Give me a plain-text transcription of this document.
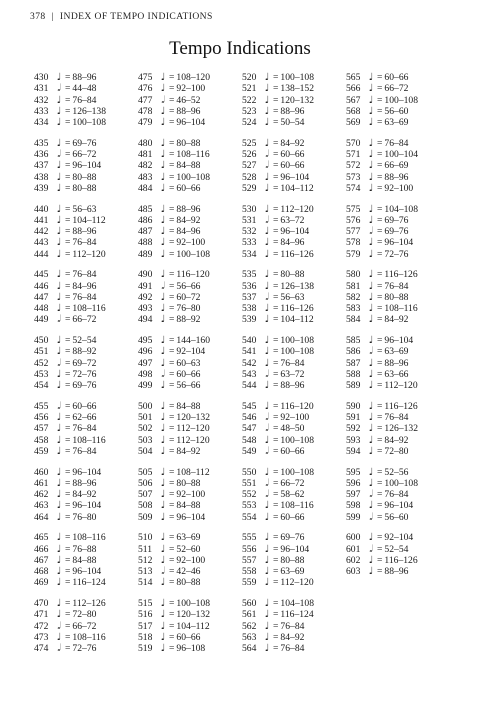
378 | INDEX OF TEMPO INDICATIONS
Tempo Indications
430 ♩ = 88–96
431 𝅗𝅥 = 44–48
432 ♩ = 76–84
433 ♩ = 126–138
434 ♩ = 100–108
435 ♩ = 69–76
436 𝅗𝅥 = 66–72
437 ♩ = 96–104
438 ♩ = 80–88
439 ♩ = 80–88
440 ♩ = 56–63
441 ♩ = 104–112
442 ♩ = 88–96
443 ♩ = 76–84
444 ♩ = 112–120
445 ♩ = 76–84
446 ♩ = 84–96
447 ♩ = 76–84
448 ♩ = 108–116
449 𝅗𝅥 = 66–72
450 ♩ = 52–54
451 ♩ = 88–92
452 𝅗𝅥 = 69–72
453 ♩ = 72–76
454 ♩ = 69–76
455 𝅗𝅥 = 60–66
456 ♩ = 62–66
457 ♩ = 76–84
458 ♩ = 108–116
459 ♩ = 76–84
460 ♩ = 96–104
461 ♩ = 88–96
462 ♩ = 84–92
463 ♩ = 96–104
464 ♩ = 76–80
465 ♩ = 108–116
466 ♩ = 76–88
467 ♩ = 84–88
468 ♩ = 96–104
469 ♩ = 116–124
470 ♩ = 112–126
471 ♩ = 72–80
472 𝅗𝅥 = 66–72
473 ♩ = 108–116
474 𝅗𝅥 = 72–76
475 ♩ = 108–120
476 ♩ = 92–100
477 𝅗𝅥 = 46–52
478 ♩ = 88–96
479 ♩ = 96–104
480 ♩ = 80–88
481 ♩ = 108–116
482 ♩ = 84–88
483 ♩ = 100–108
484 ♩ = 60–66
485 ♩ = 88–96
486 ♩ = 84–92
487 ♩ = 84–96
488 ♩ = 92–100
489 ♩ = 100–108
490 ♩ = 116–120
491 𝅗𝅥 = 56–66
492 ♩ = 60–72
493 ♩ = 76–80
494 ♩ = 88–92
495 ♩ = 144–160
496 ♩ = 92–104
497 ♩ = 60–63
498 𝅗𝅥 = 60–66
499 ♩ = 56–66
500 ♩ = 84–88
501 ♩ = 120–132
502 ♩ = 112–120
503 ♩ = 112–120
504 ♩ = 84–92
505 ♩ = 108–112
506 ♩ = 80–88
507 ♩ = 92–100
508 ♩ = 84–88
509 ♩ = 96–104
510 ♩ = 63–69
511 ♩ = 52–60
512 ♩ = 92–100
513 𝅗𝅥 = 42–46
514 ♩ = 80–88
515 ♩ = 100–108
516 ♩ = 120–132
517 ♩ = 104–112
518 ♩ = 60–66
519 ♩ = 96–108
520 ♩ = 100–108
521 ♩ = 138–152
522 ♩ = 120–132
523 ♩ = 88–96
524 ♩ = 50–54
525 ♩ = 84–92
526 𝅗𝅥 = 60–66
527 𝅗𝅥 = 60–66
528 ♩ = 96–104
529 ♩ = 104–112
530 ♩ = 112–120
531 𝅗𝅥 = 63–72
532 ♩ = 96–104
533 ♩ = 84–96
534 ♩ = 116–126
535 ♩ = 80–88
536 ♩ = 126–138
537 𝅗𝅥 = 56–63
538 ♩ = 116–126
539 ♩ = 104–112
540 ♩ = 100–108
541 ♩ = 100–108
542 ♩ = 76–84
543 𝅗𝅥 = 63–72
544 ♩ = 88–96
545 ♩ = 116–120
546 𝅗𝅥 = 92–100
547 𝅗𝅥 = 48–50
548 ♩ = 100–108
549 𝅗𝅥 = 60–66
550 ♩ = 100–108
551 𝅗𝅥 = 66–72
552 𝅗𝅥 = 58–62
553 ♩ = 108–116
554 ♩ = 60–66
555 ♩ = 69–76
556 ♩ = 96–104
557 ♩ = 80–88
558 ♩ = 63–69
559 ♩ = 112–120
560 ♩ = 104–108
561 ♩ = 116–124
562 ♩ = 76–84
563 ♩ = 84–92
564 ♩ = 76–84
565 ♩ = 60–66
566 ♩ = 66–72
567 ♩ = 100–108
568 ♩ = 56–60
569 ♩ = 63–69
570 ♩ = 76–84
571 ♩ = 100–104
572 ♩ = 66–69
573 ♩ = 88–96
574 ♩ = 92–100
575 ♩ = 104–108
576 ♩ = 69–76
577 𝅗𝅥 = 69–76
578 ♩ = 96–104
579 ♩ = 72–76
580 ♩ = 116–126
581 ♩ = 76–84
582 ♩ = 80–88
583 ♩ = 108–116
584 ♩ = 84–92
585 ♩ = 96–104
586 𝅗𝅥 = 63–69
587 ♩ = 88–96
588 ♩ = 63–66
589 ♩ = 112–120
590 ♩ = 116–126
591 ♩ = 76–84
592 ♩ = 126–132
593 ♩ = 84–92
594 ♩ = 72–80
595 ♩ = 52–56
596 ♩ = 100–108
597 𝅗𝅥 = 76–84
598 ♩ = 96–104
599 𝅗𝅥 = 56–60
600 ♩ = 92–104
601 𝅗𝅥 = 52–54
602 ♩ = 116–126
603 ♩ = 88–96
